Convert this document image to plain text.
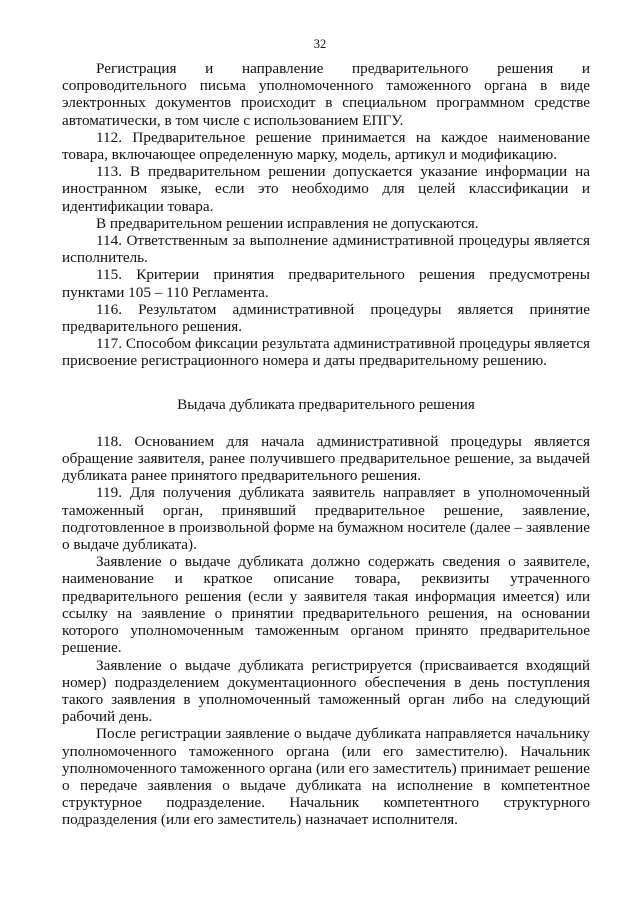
32

Регистрация и направление предварительного решения и сопроводительного письма уполномоченного таможенного органа в виде электронных документов происходит в специальном программном средстве автоматически, в том числе с использованием ЕПГУ.

112. Предварительное решение принимается на каждое наименование товара, включающее определенную марку, модель, артикул и модификацию.

113. В предварительном решении допускается указание информации на иностранном языке, если это необходимо для целей классификации и идентификации товара.

В предварительном решении исправления не допускаются.

114. Ответственным за выполнение административной процедуры является исполнитель.

115. Критерии принятия предварительного решения предусмотрены пунктами 105 – 110 Регламента.

116. Результатом административной процедуры является принятие предварительного решения.

117. Способом фиксации результата административной процедуры является присвоение регистрационного номера и даты предварительному решению.

Выдача дубликата предварительного решения

118. Основанием для начала административной процедуры является обращение заявителя, ранее получившего предварительное решение, за выдачей дубликата ранее принятого предварительного решения.

119. Для получения дубликата заявитель направляет в уполномоченный таможенный орган, принявший предварительное решение, заявление, подготовленное в произвольной форме на бумажном носителе (далее – заявление о выдаче дубликата).

Заявление о выдаче дубликата должно содержать сведения о заявителе, наименование и краткое описание товара, реквизиты утраченного предварительного решения (если у заявителя такая информация имеется) или ссылку на заявление о принятии предварительного решения, на основании которого уполномоченным таможенным органом принято предварительное решение.

Заявление о выдаче дубликата регистрируется (присваивается входящий номер) подразделением документационного обеспечения в день поступления такого заявления в уполномоченный таможенный орган либо на следующий рабочий день.

После регистрации заявление о выдаче дубликата направляется начальнику уполномоченного таможенного органа (или его заместителю). Начальник уполномоченного таможенного органа (или его заместитель) принимает решение о передаче заявления о выдаче дубликата на исполнение в компетентное структурное подразделение. Начальник компетентного структурного подразделения (или его заместитель) назначает исполнителя.
